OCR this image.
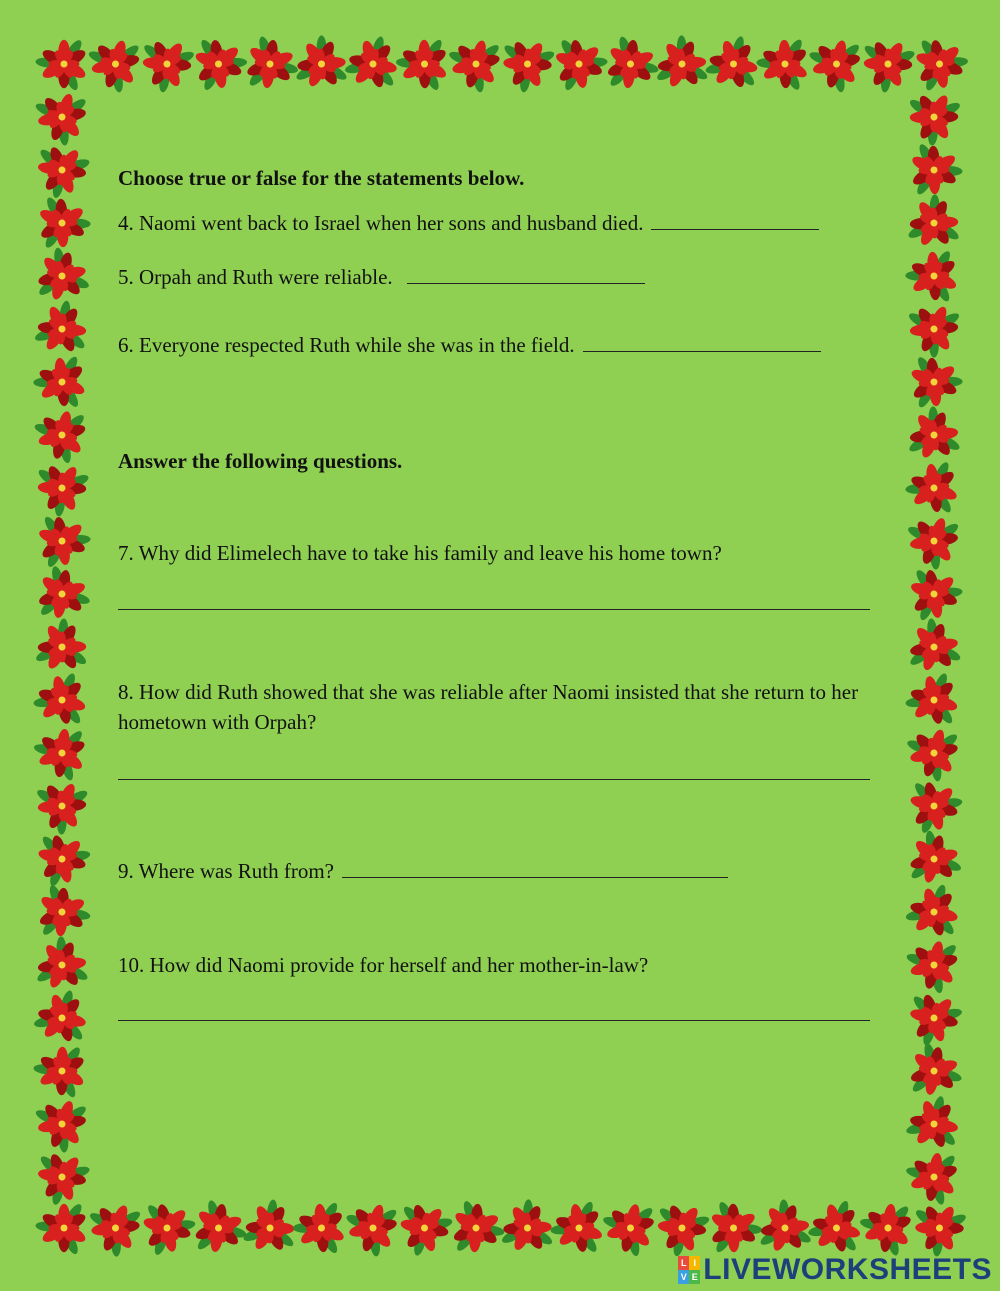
Choose true or false for the statements below.
4. Naomi went back to Israel when her sons and husband died.
5. Orpah and Ruth were reliable.
6. Everyone respected Ruth while she was in the field.
Answer the following questions.
7. Why did Elimelech have to take his family and leave his home town?
8. How did Ruth showed that she was reliable after Naomi insisted that she return to her hometown with Orpah?
9. Where was Ruth from?
10. How did Naomi provide for herself and her mother-in-law?
L I
V E LIVEWORKSHEETS
